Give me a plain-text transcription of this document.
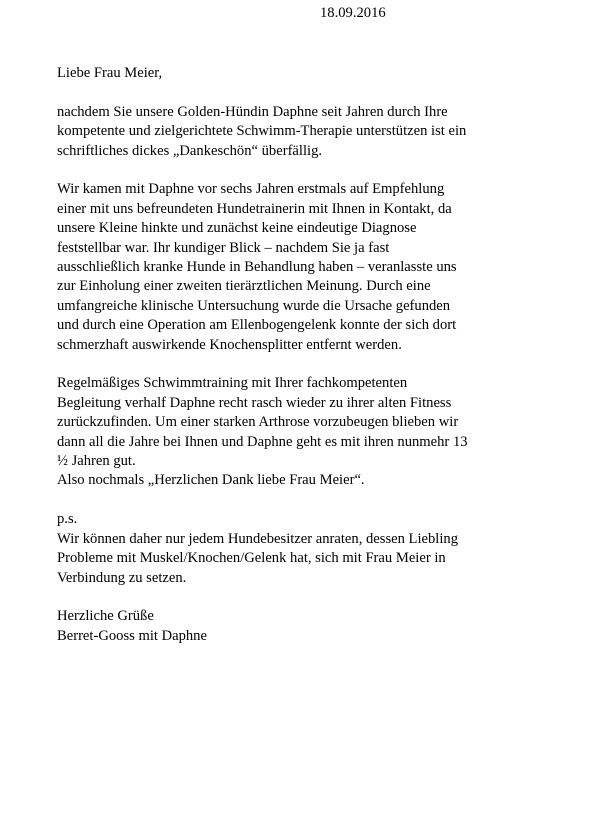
18.09.2016
Liebe Frau Meier,
nachdem Sie unsere Golden-Hündin Daphne seit Jahren durch Ihre
kompetente und zielgerichtete Schwimm-Therapie unterstützen ist ein
schriftliches dickes „Dankeschön“ überfällig.
Wir kamen mit Daphne vor sechs Jahren erstmals auf Empfehlung
einer mit uns befreundeten Hundetrainerin mit Ihnen in Kontakt, da
unsere Kleine hinkte und zunächst keine eindeutige Diagnose
feststellbar war. Ihr kundiger Blick – nachdem Sie ja fast
ausschließlich kranke Hunde in Behandlung haben – veranlasste uns
zur Einholung einer zweiten tierärztlichen Meinung. Durch eine
umfangreiche klinische Untersuchung wurde die Ursache gefunden
und durch eine Operation am Ellenbogengelenk konnte der sich dort
schmerzhaft auswirkende Knochensplitter entfernt werden.
Regelmäßiges Schwimmtraining mit Ihrer fachkompetenten
Begleitung verhalf Daphne recht rasch wieder zu ihrer alten Fitness
zurückzufinden. Um einer starken Arthrose vorzubeugen blieben wir
dann all die Jahre bei Ihnen und Daphne geht es mit ihren nunmehr 13
½ Jahren gut.
Also nochmals „Herzlichen Dank liebe Frau Meier“.
p.s.
Wir können daher nur jedem Hundebesitzer anraten, dessen Liebling
Probleme mit Muskel/Knochen/Gelenk hat, sich mit Frau Meier in
Verbindung zu setzen.
Herzliche Grüße
Berret-Gooss mit Daphne
